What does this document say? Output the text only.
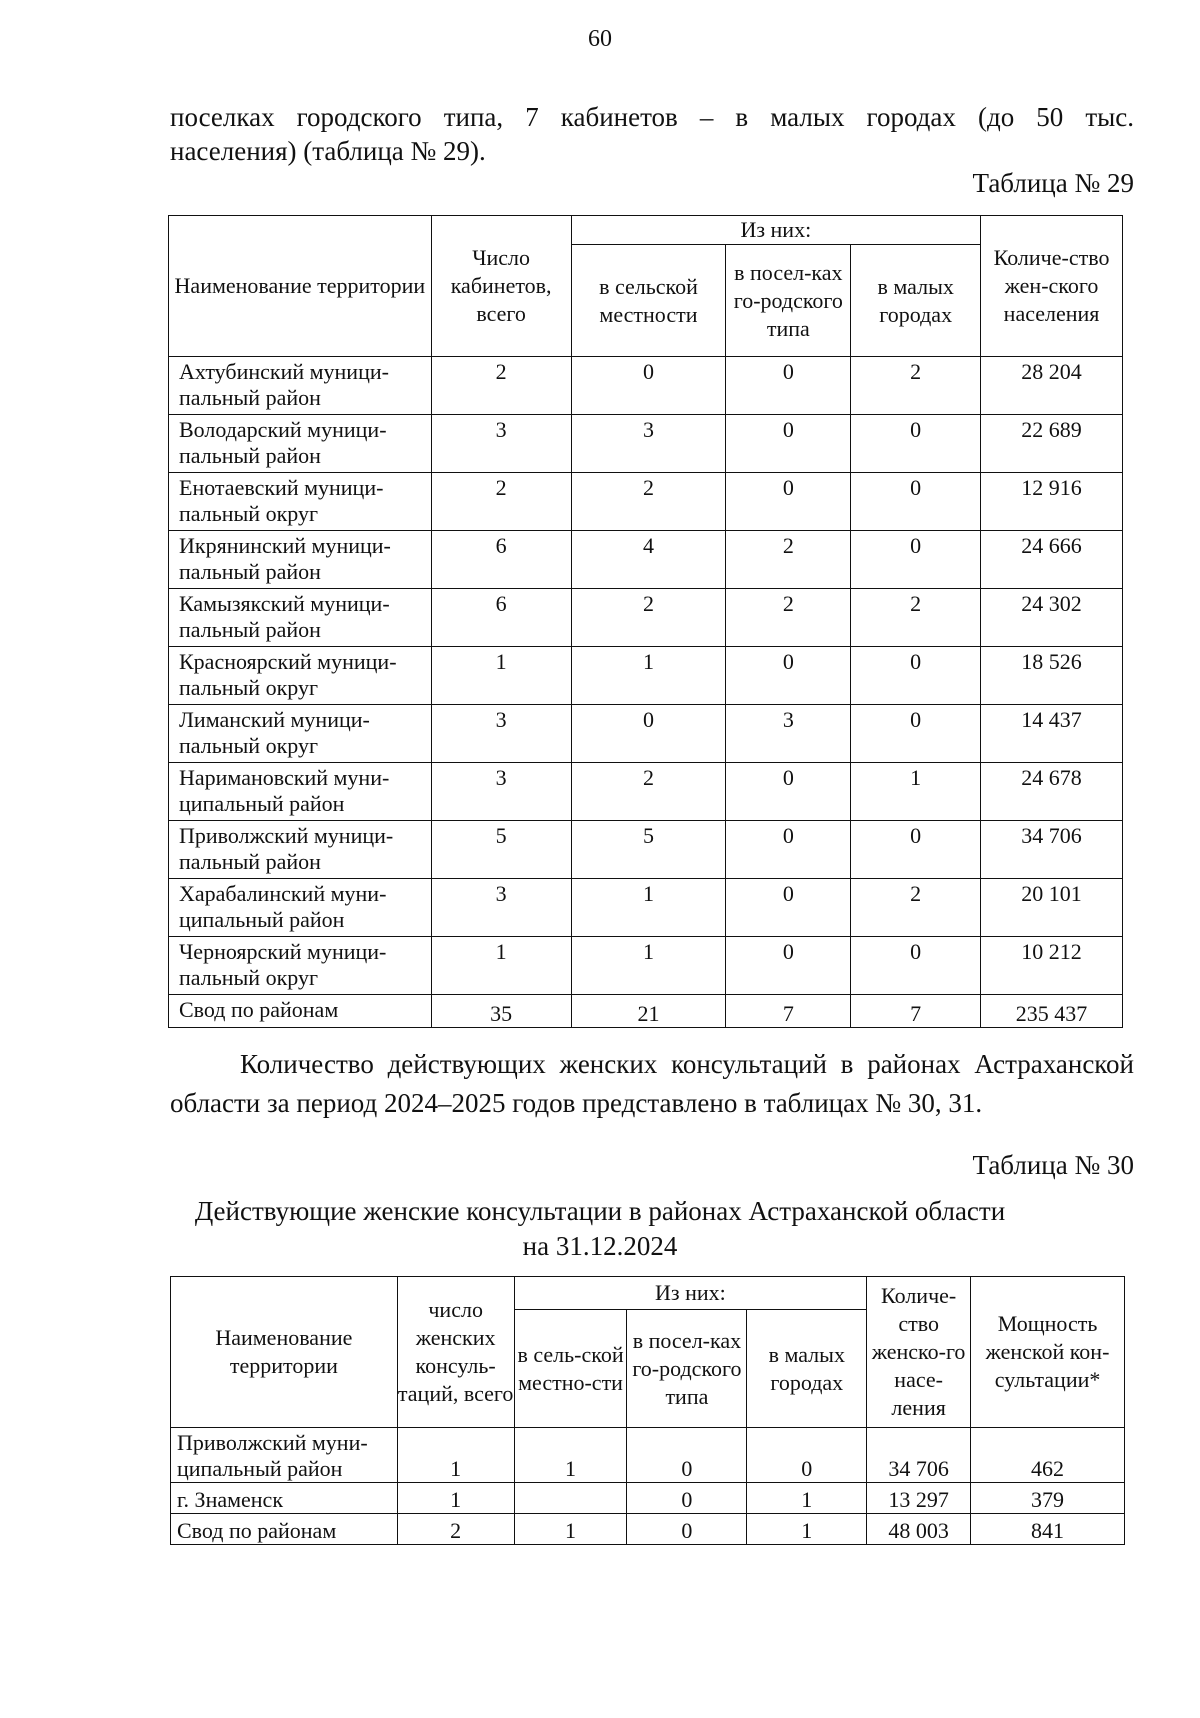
60
поселках городского типа, 7 кабинетов – в малых городах (до 50 тыс.
населения) (таблица № 29).
Таблица № 29
Наименование территории	Число кабинетов, всего	Из них:			Количе-ство жен-ского населения
		в сельской местности	в посел-ках го-родского типа	в малых городах	
Ахтубинский муници-пальный район	2	0	0	2	28 204
Володарский муници-пальный район	3	3	0	0	22 689
Енотаевский муници-пальный округ	2	2	0	0	12 916
Икрянинский муници-пальный район	6	4	2	0	24 666
Камызякский муници-пальный район	6	2	2	2	24 302
Красноярский муници-пальный округ	1	1	0	0	18 526
Лиманский муници-пальный округ	3	0	3	0	14 437
Наримановский муни-ципальный район	3	2	0	1	24 678
Приволжский муници-пальный район	5	5	0	0	34 706
Харабалинский муни-ципальный район	3	1	0	2	20 101
Черноярский муници-пальный округ	1	1	0	0	10 212
Свод по районам	35	21	7	7	235 437
Количество действующих женских консультаций в районах Астраханской области за период 2024–2025 годов представлено в таблицах № 30, 31.
Таблица № 30
Действующие женские консультации в районах Астраханской области
на 31.12.2024
Наименование территории	число женских консуль-таций, всего	Из них:			Количе-ство женско-го насе-ления	Мощность женской кон-сультации*
		в сель-ской местно-сти	в посел-ках го-родского типа	в малых городах		
Приволжский муни-ципальный район	1	1	0	0	34 706	462
г. Знаменск	1		0	1	13 297	379
Свод по районам	2	1	0	1	48 003	841
